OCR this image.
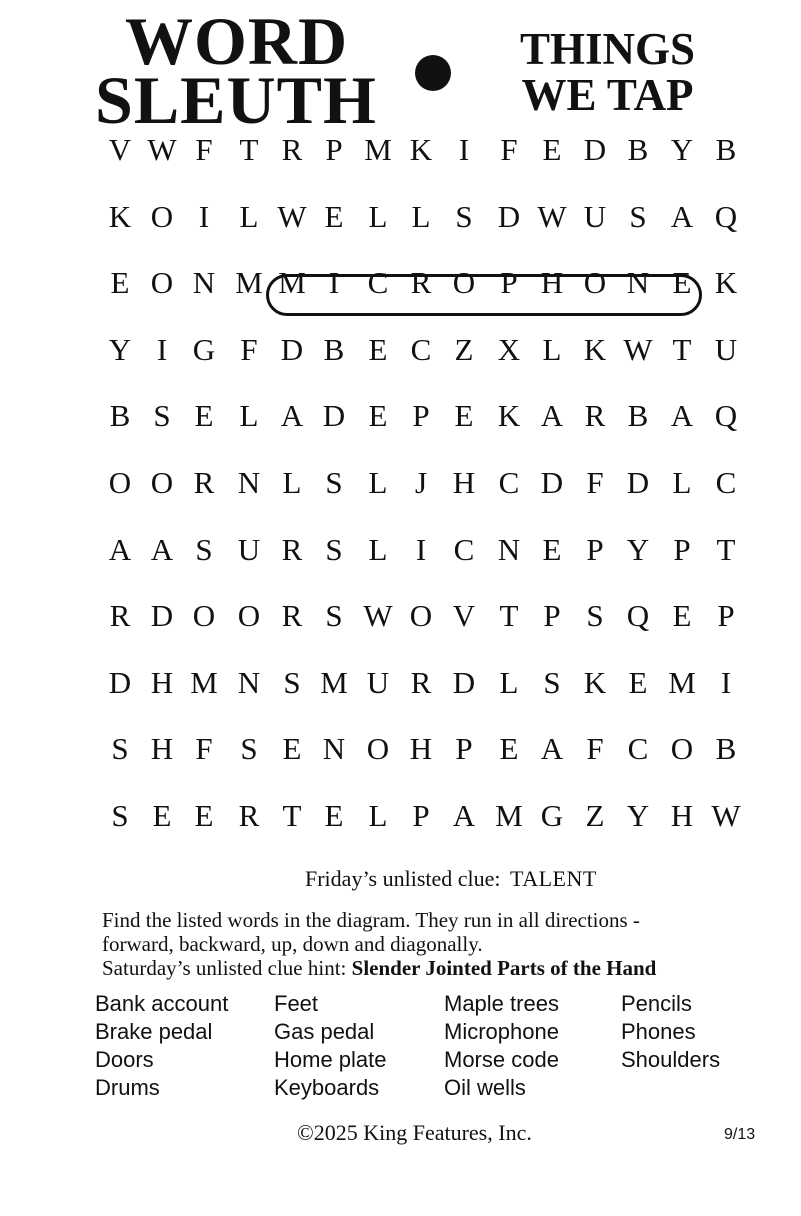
WORD
SLEUTH
THINGS
WE TAP
V W F T R P M K I	F E D B Y B
K O I L W E L L S D W U S A Q
E O N M M I C R O P H O N E K
Y I G F D B E C Z X L K W T U
B S E L A D E P E K A R B A Q
O O R N L S L J H C D F D L C
A A S U R S L I C N E P Y P T
R D O O R S W O V T P S Q E P
D H M N S M U R D L S K E M I
S H F S E N O H P E A F C O B
S E E R T E L P A M G Z Y H W
Friday’s unlisted clue: TALENT
Find the listed words in the diagram. They run in all directions -
forward, backward, up, down and diagonally.
Saturday’s unlisted clue hint: Slender Jointed Parts of the Hand
Bank account
Brake pedal
Doors
Drums
Feet
Gas pedal
Home plate
Keyboards
Maple trees
Microphone
Morse code
Oil wells
Pencils
Phones
Shoulders
©2025 King Features, Inc.	9/13
